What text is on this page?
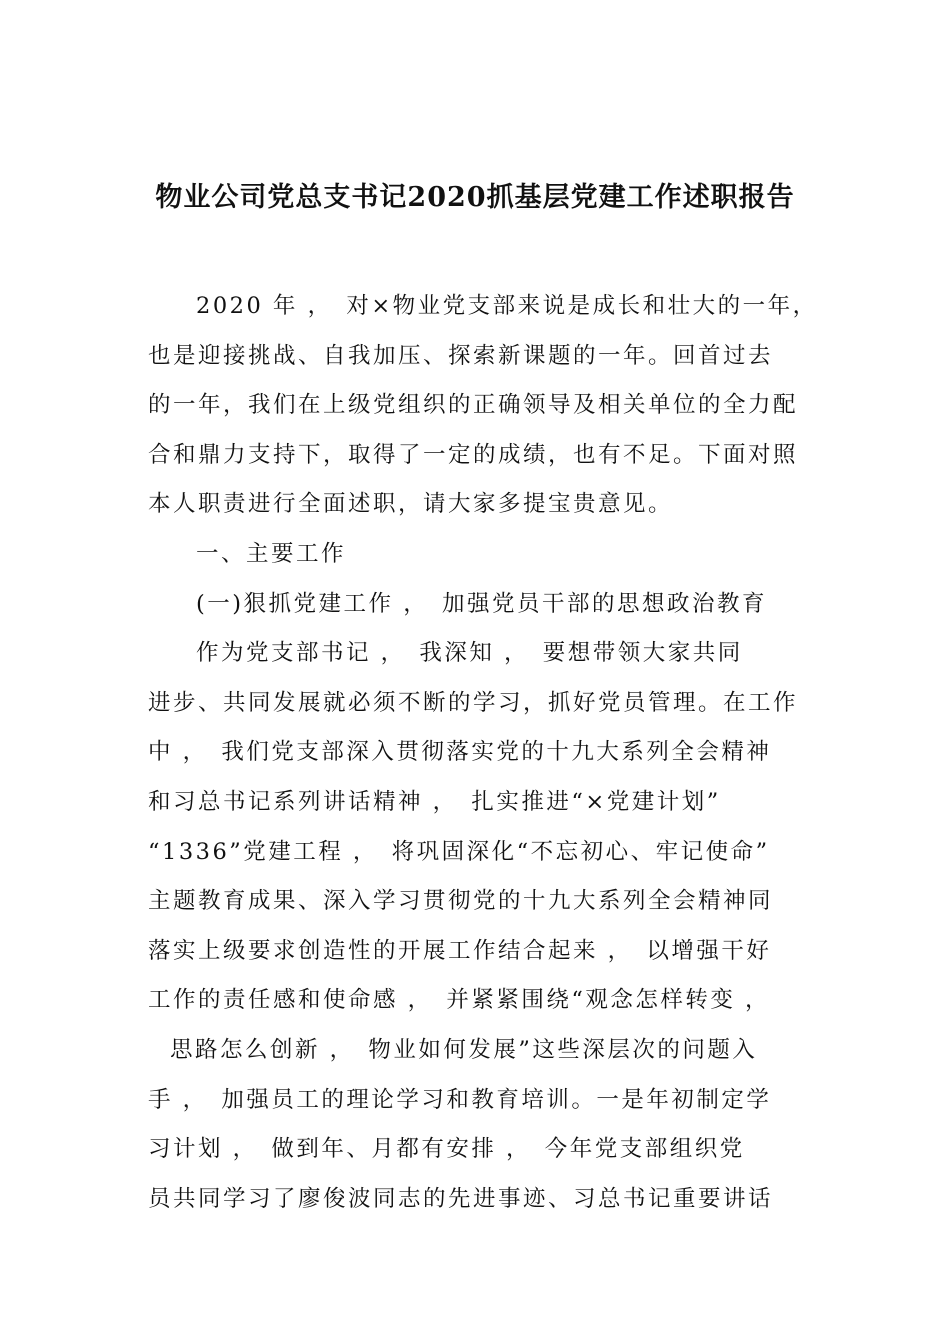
物业公司党总支书记2020抓基层党建工作述职报告
2020 年 ，　对×物业党支部来说是成长和壮大的一年，
也是迎接挑战、自我加压、探索新课题的一年。回首过去
的一年，我们在上级党组织的正确领导及相关单位的全力配
合和鼎力支持下，取得了一定的成绩，也有不足。下面对照
本人职责进行全面述职，请大家多提宝贵意见。
一、主要工作
(一)狠抓党建工作 ，　加强党员干部的思想政治教育
作为党支部书记 ，　我深知 ，　要想带领大家共同
进步、共同发展就必须不断的学习，抓好党员管理。在工作
中 ，　我们党支部深入贯彻落实党的十九大系列全会精神
和习总书记系列讲话精神 ，　扎实推进“×党建计划”
“1336”党建工程 ，　将巩固深化“不忘初心、牢记使命”
主题教育成果、深入学习贯彻党的十九大系列全会精神同
落实上级要求创造性的开展工作结合起来 ，　以增强干好
工作的责任感和使命感 ，　并紧紧围绕“观念怎样转变 ，
思路怎么创新 ，　物业如何发展”这些深层次的问题入
手 ，　加强员工的理论学习和教育培训。一是年初制定学
习计划 ，　做到年、月都有安排 ，　今年党支部组织党
员共同学习了廖俊波同志的先进事迹、习总书记重要讲话
